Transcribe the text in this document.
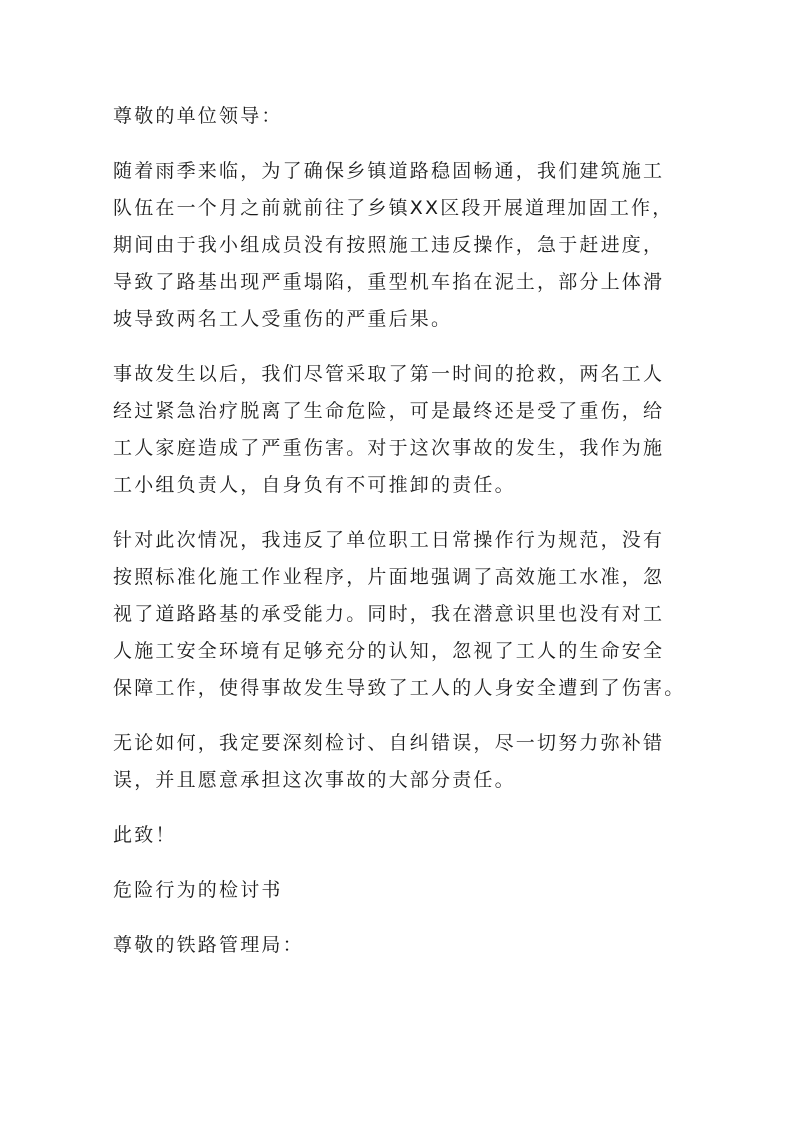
尊敬的单位领导：

随着雨季来临，为了确保乡镇道路稳固畅通，我们建筑施工
队伍在一个月之前就前往了乡镇XX区段开展道理加固工作，
期间由于我小组成员没有按照施工违反操作，急于赶进度，
导致了路基出现严重塌陷，重型机车掐在泥土，部分上体滑
坡导致两名工人受重伤的严重后果。

事故发生以后，我们尽管采取了第一时间的抢救，两名工人
经过紧急治疗脱离了生命危险，可是最终还是受了重伤，给
工人家庭造成了严重伤害。对于这次事故的发生，我作为施
工小组负责人，自身负有不可推卸的责任。

针对此次情况，我违反了单位职工日常操作行为规范，没有
按照标准化施工作业程序，片面地强调了高效施工水准，忽
视了道路路基的承受能力。同时，我在潜意识里也没有对工
人施工安全环境有足够充分的认知，忽视了工人的生命安全
保障工作，使得事故发生导致了工人的人身安全遭到了伤害。

无论如何，我定要深刻检讨、自纠错误，尽一切努力弥补错
误，并且愿意承担这次事故的大部分责任。

此致！

危险行为的检讨书

尊敬的铁路管理局：
